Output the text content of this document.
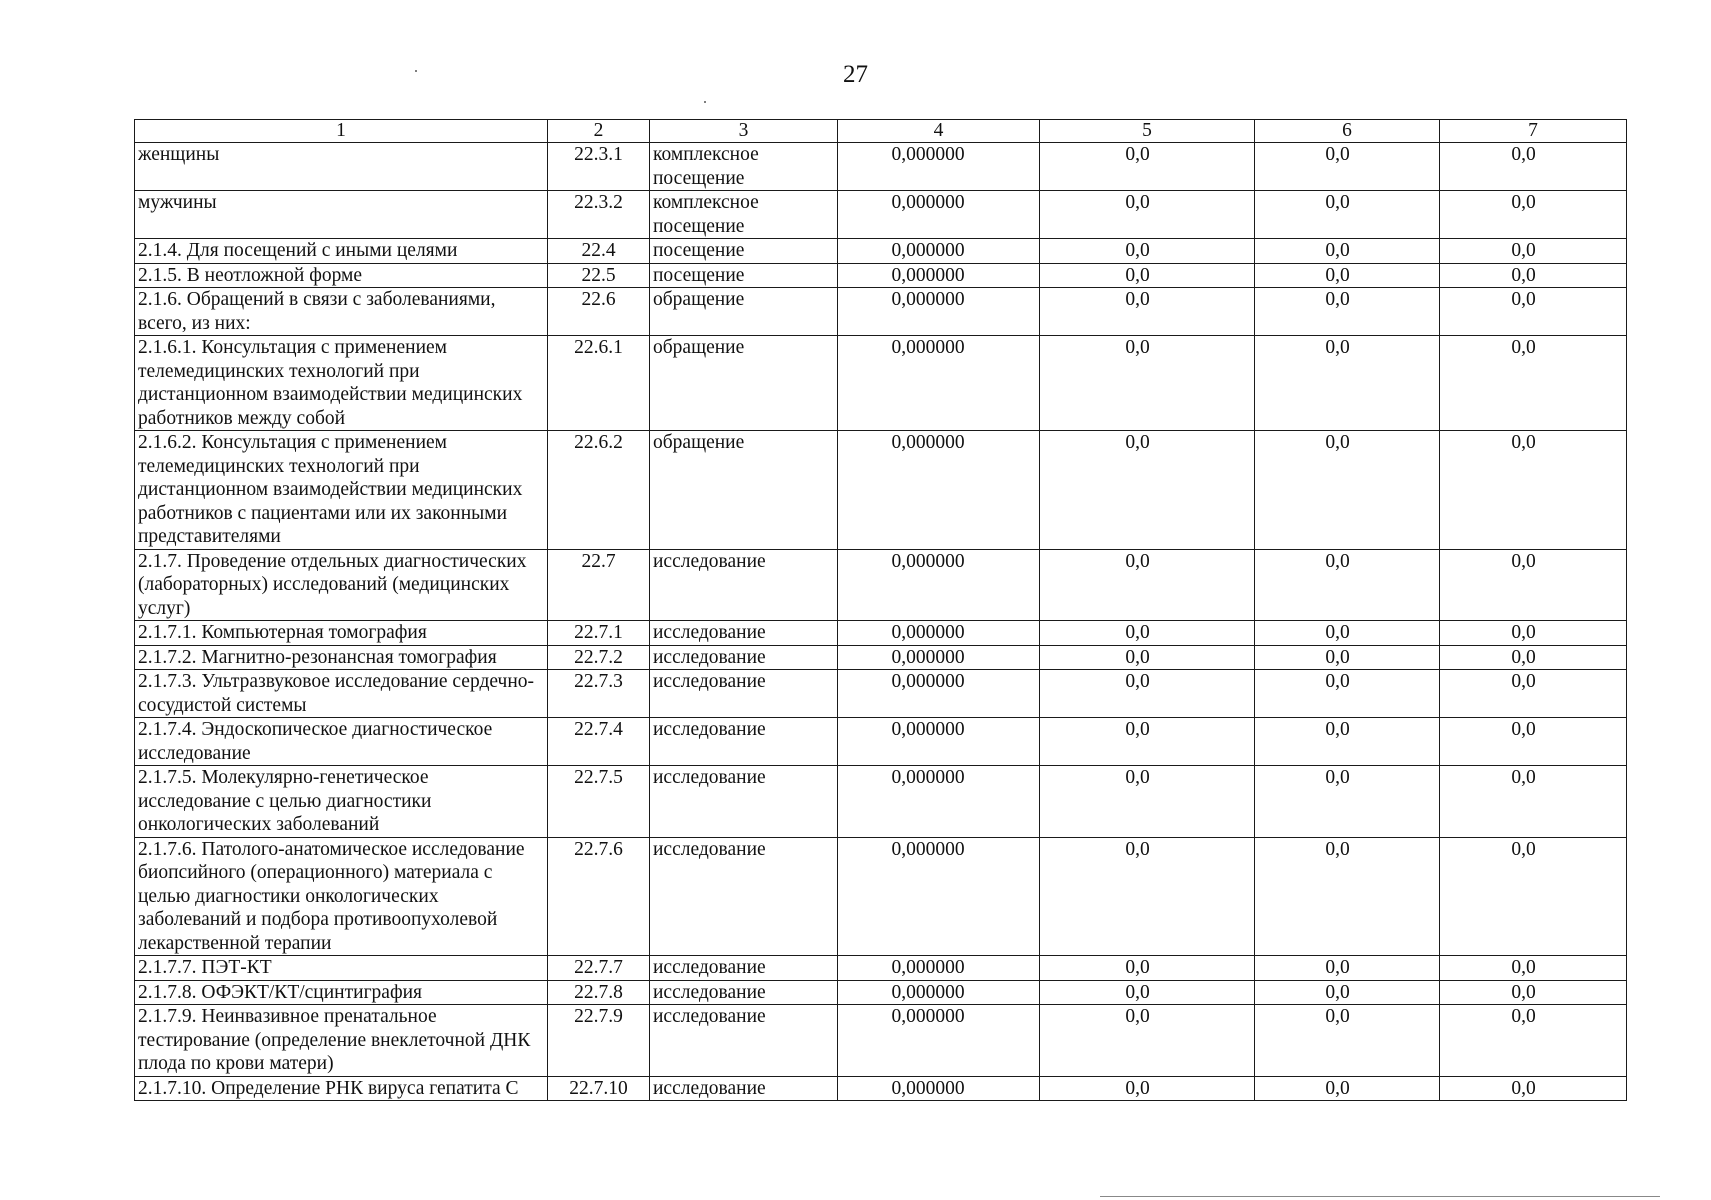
27
1	2	3	4	5	6	7
женщины	22.3.1	комплексное посещение	0,000000	0,0	0,0	0,0
мужчины	22.3.2	комплексное посещение	0,000000	0,0	0,0	0,0
2.1.4. Для посещений с иными целями	22.4	посещение	0,000000	0,0	0,0	0,0
2.1.5. В неотложной форме	22.5	посещение	0,000000	0,0	0,0	0,0
2.1.6. Обращений в связи с заболеваниями, всего, из них:	22.6	обращение	0,000000	0,0	0,0	0,0
2.1.6.1. Консультация с применением телемедицинских технологий при дистанционном взаимодействии медицинских работников между собой	22.6.1	обращение	0,000000	0,0	0,0	0,0
2.1.6.2. Консультация с применением телемедицинских технологий при дистанционном взаимодействии медицинских работников с пациентами или их законными представителями	22.6.2	обращение	0,000000	0,0	0,0	0,0
2.1.7. Проведение отдельных диагностических (лабораторных) исследований (медицинских услуг)	22.7	исследование	0,000000	0,0	0,0	0,0
2.1.7.1. Компьютерная томография	22.7.1	исследование	0,000000	0,0	0,0	0,0
2.1.7.2. Магнитно-резонансная томография	22.7.2	исследование	0,000000	0,0	0,0	0,0
2.1.7.3. Ультразвуковое исследование сердечно-сосудистой системы	22.7.3	исследование	0,000000	0,0	0,0	0,0
2.1.7.4. Эндоскопическое диагностическое исследование	22.7.4	исследование	0,000000	0,0	0,0	0,0
2.1.7.5. Молекулярно-генетическое исследование с целью диагностики онкологических заболеваний	22.7.5	исследование	0,000000	0,0	0,0	0,0
2.1.7.6. Патолого-анатомическое исследование биопсийного (операционного) материала с целью диагностики онкологических заболеваний и подбора противоопухолевой лекарственной терапии	22.7.6	исследование	0,000000	0,0	0,0	0,0
2.1.7.7. ПЭТ-КТ	22.7.7	исследование	0,000000	0,0	0,0	0,0
2.1.7.8. ОФЭКТ/КТ/сцинтиграфия	22.7.8	исследование	0,000000	0,0	0,0	0,0
2.1.7.9. Неинвазивное пренатальное тестирование (определение внеклеточной ДНК плода по крови матери)	22.7.9	исследование	0,000000	0,0	0,0	0,0
2.1.7.10. Определение РНК вируса гепатита С	22.7.10	исследование	0,000000	0,0	0,0	0,0
